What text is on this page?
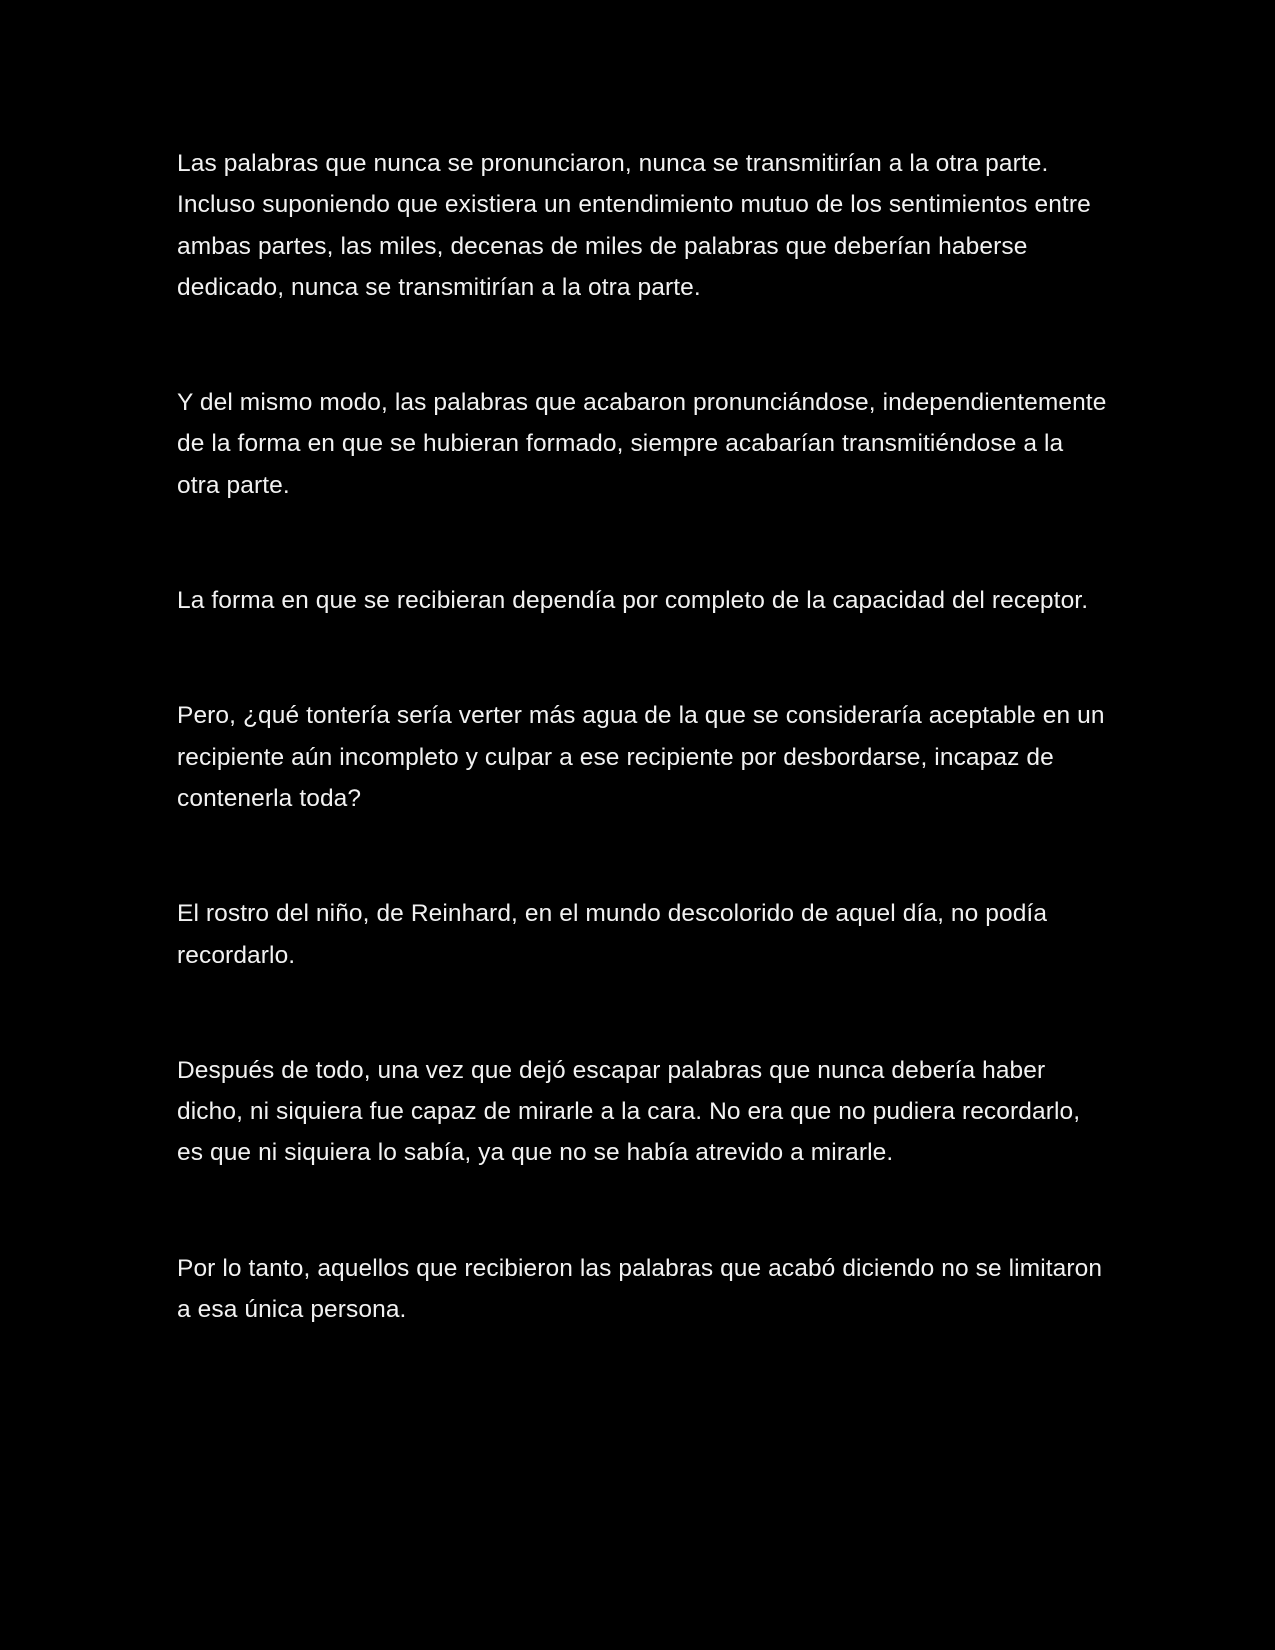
Las palabras que nunca se pronunciaron, nunca se transmitirían a la otra parte. Incluso suponiendo que existiera un entendimiento mutuo de los sentimientos entre ambas partes, las miles, decenas de miles de palabras que deberían haberse dedicado, nunca se transmitirían a la otra parte.

Y del mismo modo, las palabras que acabaron pronunciándose, independientemente de la forma en que se hubieran formado, siempre acabarían transmitiéndose a la otra parte.

La forma en que se recibieran dependía por completo de la capacidad del receptor.

Pero, ¿qué tontería sería verter más agua de la que se consideraría aceptable en un recipiente aún incompleto y culpar a ese recipiente por desbordarse, incapaz de contenerla toda?

El rostro del niño, de Reinhard, en el mundo descolorido de aquel día, no podía recordarlo.

Después de todo, una vez que dejó escapar palabras que nunca debería haber dicho, ni siquiera fue capaz de mirarle a la cara. No era que no pudiera recordarlo, es que ni siquiera lo sabía, ya que no se había atrevido a mirarle.

Por lo tanto, aquellos que recibieron las palabras que acabó diciendo no se limitaron a esa única persona.
